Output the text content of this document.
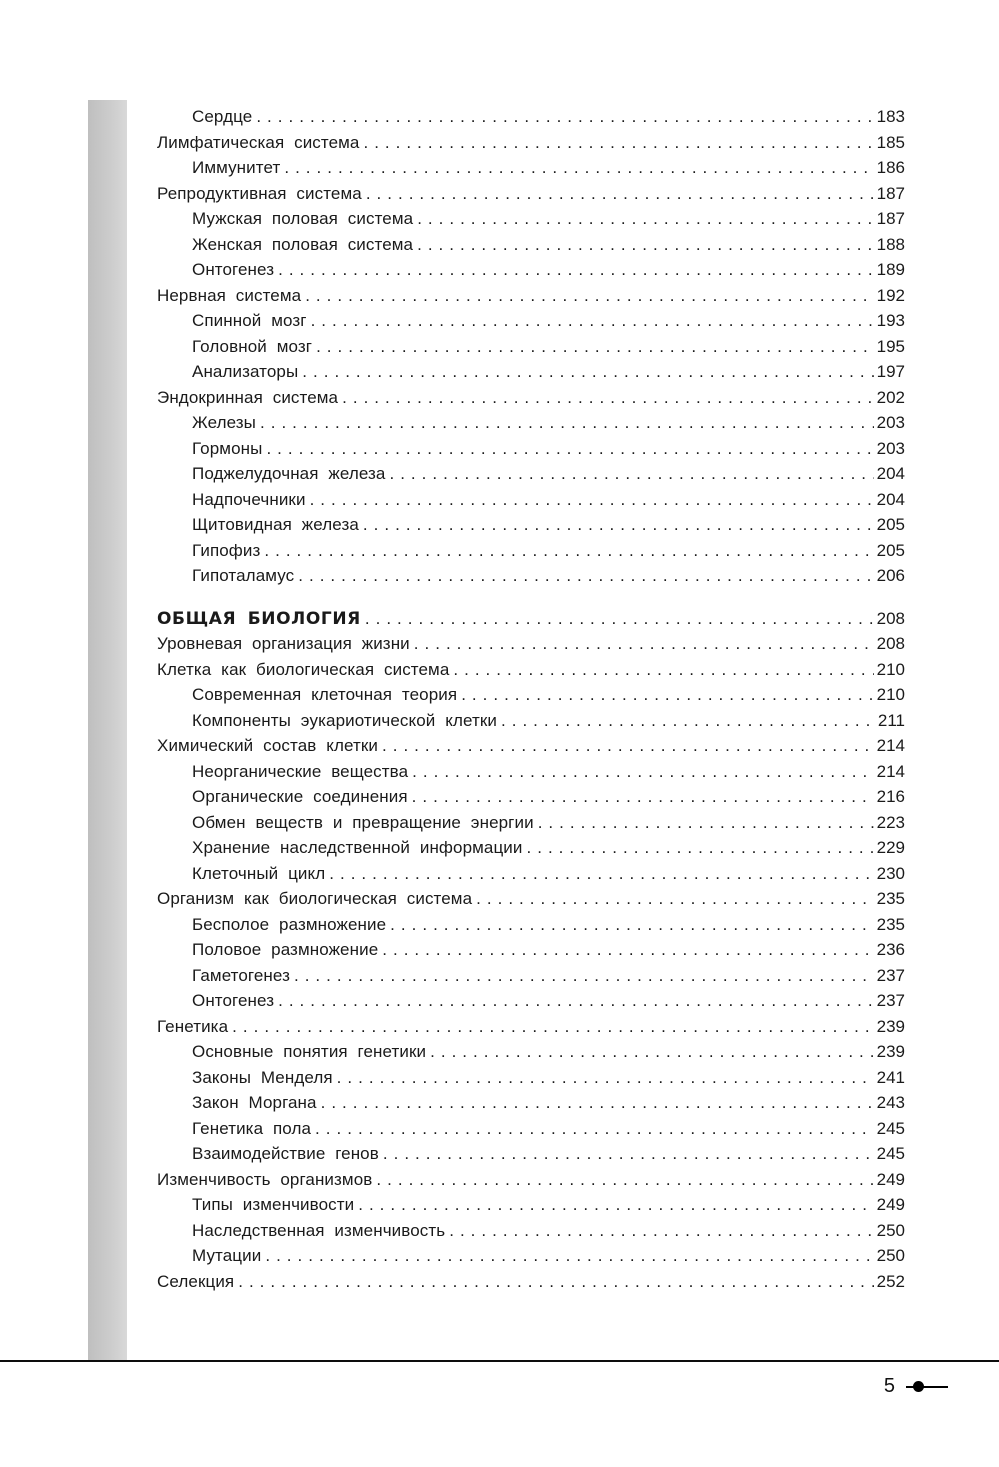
Сердце .....	183
Лимфатическая система .....	185
Иммунитет .....	186
Репродуктивная система .....	187
Мужская половая система .....	187
Женская половая система .....	188
Онтогенез .....	189
Нервная система .....	192
Спинной мозг .....	193
Головной мозг .....	195
Анализаторы .....	197
Эндокринная система .....	202
Железы .....	203
Гормоны .....	203
Поджелудочная железа .....	204
Надпочечники .....	204
Щитовидная железа .....	205
Гипофиз .....	205
Гипоталамус .....	206
ОБЩАЯ БИОЛОГИЯ .....	208
Уровневая организация жизни .....	208
Клетка как биологическая система .....	210
Современная клеточная теория .....	210
Компоненты эукариотической клетки .....	211
Химический состав клетки .....	214
Неорганические вещества .....	214
Органические соединения .....	216
Обмен веществ и превращение энергии .....	223
Хранение наследственной информации .....	229
Клеточный цикл .....	230
Организм как биологическая система .....	235
Бесполое размножение .....	235
Половое размножение .....	236
Гаметогенез .....	237
Онтогенез .....	237
Генетика .....	239
Основные понятия генетики .....	239
Законы Менделя .....	241
Закон Моргана .....	243
Генетика пола .....	245
Взаимодействие генов .....	245
Изменчивость организмов .....	249
Типы изменчивости .....	249
Наследственная изменчивость .....	250
Мутации .....	250
Селекция .....	252
5
